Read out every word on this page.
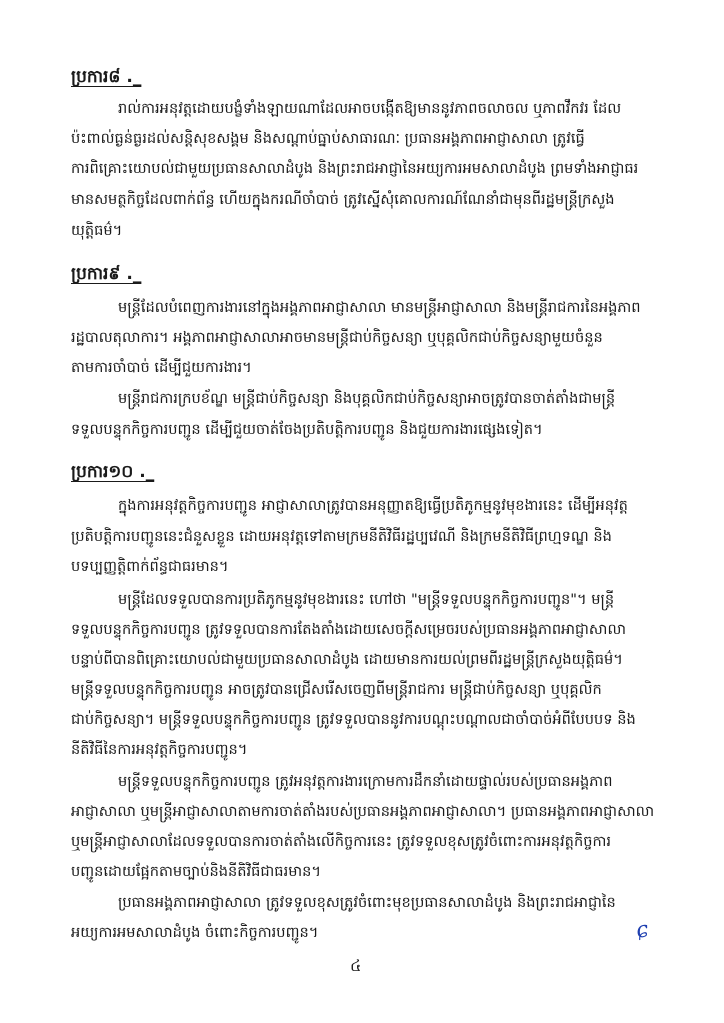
ប្រការ៨ ._
រាល់ការអនុវត្តដោយបង្ខំទាំងឡាយណាដែលអាចបង្កើតឱ្យមាននូវភាពចលាចល ឬភាពវឹកវរ ដែល
ប៉ះពាល់ធ្ងន់ធ្ងរដល់សន្តិសុខសង្គម និងសណ្ដាប់ធ្នាប់សាធារណៈ ប្រធានអង្គភាពអាជ្ញាសាលា ត្រូវធ្វើ
ការពិគ្រោះយោបល់ជាមួយប្រធានសាលាដំបូង និងព្រះរាជអាជ្ញានៃអយ្យការអមសាលាដំបូង ព្រមទាំងអាជ្ញាធរ
មានសមត្ថកិច្ចដែលពាក់ព័ន្ធ ហើយក្នុងករណីចាំបាច់ ត្រូវស្នើសុំគោលការណ៍ណែនាំជាមុនពីរដ្ឋមន្ត្រីក្រសួង
យុត្តិធម៌។
ប្រការ៩ ._
មន្ត្រីដែលបំពេញការងារនៅក្នុងអង្គភាពអាជ្ញាសាលា មានមន្ត្រីអាជ្ញាសាលា និងមន្ត្រីរាជការនៃអង្គភាព
រដ្ឋបាលតុលាការ។ អង្គភាពអាជ្ញាសាលាអាចមានមន្ត្រីជាប់កិច្ចសន្យា ឬបុគ្គលិកជាប់កិច្ចសន្យាមួយចំនួន
តាមការចាំបាច់ ដើម្បីជួយការងារ។
មន្ត្រីរាជការក្របខ័ណ្ឌ មន្ត្រីជាប់កិច្ចសន្យា និងបុគ្គលិកជាប់កិច្ចសន្យាអាចត្រូវបានចាត់តាំងជាមន្ត្រី
ទទួលបន្ទុកកិច្ចការបញ្ជូន ដើម្បីជួយចាត់ចែងប្រតិបត្តិការបញ្ជូន និងជួយការងារផ្សេងទៀត។
ប្រការ១០ ._
ក្នុងការអនុវត្តកិច្ចការបញ្ជូន អាជ្ញាសាលាត្រូវបានអនុញ្ញាតឱ្យធ្វើប្រតិភូកម្មនូវមុខងារនេះ ដើម្បីអនុវត្ត
ប្រតិបត្តិការបញ្ជូននេះជំនួសខ្លួន ដោយអនុវត្តទៅតាមក្រមនីតិវិធីរដ្ឋប្បវេណី និងក្រមនីតិវិធីព្រហ្មទណ្ឌ និង
បទប្បញ្ញត្តិពាក់ព័ន្ធជាធរមាន។
មន្ត្រីដែលទទួលបានការប្រតិភូកម្មនូវមុខងារនេះ ហៅថា "មន្ត្រីទទួលបន្ទុកកិច្ចការបញ្ជូន"។ មន្ត្រី
ទទួលបន្ទុកកិច្ចការបញ្ជូន ត្រូវទទួលបានការតែងតាំងដោយសេចក្តីសម្រេចរបស់ប្រធានអង្គភាពអាជ្ញាសាលា
បន្ទាប់ពីបានពិគ្រោះយោបល់ជាមួយប្រធានសាលាដំបូង ដោយមានការយល់ព្រមពីរដ្ឋមន្ត្រីក្រសួងយុត្តិធម៌។
មន្ត្រីទទួលបន្ទុកកិច្ចការបញ្ជូន អាចត្រូវបានជ្រើសរើសចេញពីមន្ត្រីរាជការ មន្ត្រីជាប់កិច្ចសន្យា ឬបុគ្គលិក
ជាប់កិច្ចសន្យា។ មន្ត្រីទទួលបន្ទុកកិច្ចការបញ្ជូន ត្រូវទទួលបាននូវការបណ្តុះបណ្តាលជាចាំបាច់អំពីបែបបទ និង
នីតិវិធីនៃការអនុវត្តកិច្ចការបញ្ជូន។
មន្ត្រីទទួលបន្ទុកកិច្ចការបញ្ជូន ត្រូវអនុវត្តការងារក្រោមការដឹកនាំដោយផ្ទាល់របស់ប្រធានអង្គភាព
អាជ្ញាសាលា ឬមន្ត្រីអាជ្ញាសាលាតាមការចាត់តាំងរបស់ប្រធានអង្គភាពអាជ្ញាសាលា។ ប្រធានអង្គភាពអាជ្ញាសាលា
ឬមន្ត្រីអាជ្ញាសាលាដែលទទួលបានការចាត់តាំងលើកិច្ចការនេះ ត្រូវទទួលខុសត្រូវចំពោះការអនុវត្តកិច្ចការ
បញ្ជូនដោយផ្អែកតាមច្បាប់និងនីតិវិធីជាធរមាន។
ប្រធានអង្គភាពអាជ្ញាសាលា ត្រូវទទួលខុសត្រូវចំពោះមុខប្រធានសាលាដំបូង និងព្រះរាជអាជ្ញានៃ
អយ្យការអមសាលាដំបូង ចំពោះកិច្ចការបញ្ជូន។	ɕ
៤
